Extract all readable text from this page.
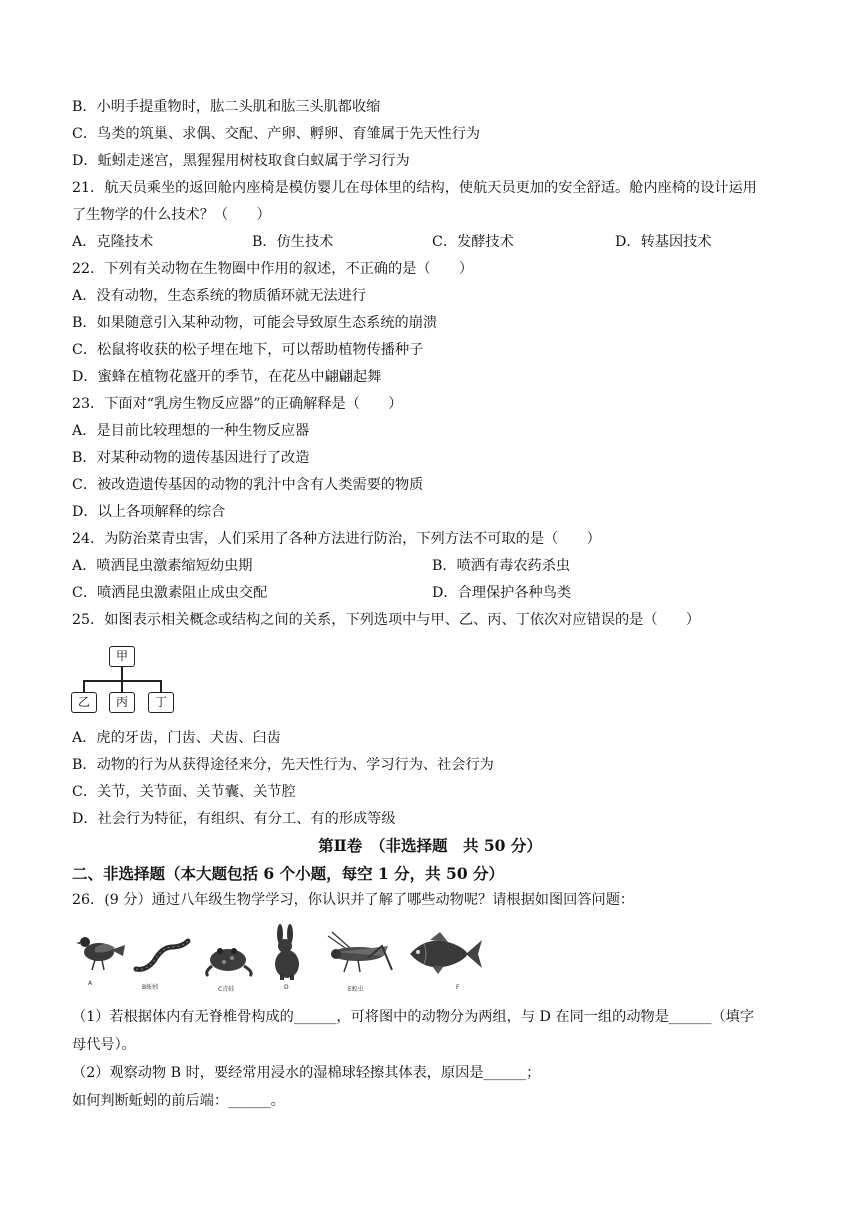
B．小明手提重物时，肱二头肌和肱三头肌都收缩
C．鸟类的筑巢、求偶、交配、产卵、孵卵、育雏属于先天性行为
D．蚯蚓走迷宫，黑猩猩用树枝取食白蚁属于学习行为
21．航天员乘坐的返回舱内座椅是模仿婴儿在母体里的结构，使航天员更加的安全舒适。舱内座椅的设计运用
了生物学的什么技术？（　　）
A．克隆技术	B．仿生技术	C．发酵技术	D．转基因技术
22．下列有关动物在生物圈中作用的叙述，不正确的是（　　）
A．没有动物，生态系统的物质循环就无法进行
B．如果随意引入某种动物，可能会导致原生态系统的崩溃
C．松鼠将收获的松子埋在地下，可以帮助植物传播种子
D．蜜蜂在植物花盛开的季节，在花丛中翩翩起舞
23．下面对“乳房生物反应器”的正确解释是（　　）
A．是目前比较理想的一种生物反应器
B．对某种动物的遗传基因进行了改造
C．被改造遗传基因的动物的乳汁中含有人类需要的物质
D．以上各项解释的综合
24．为防治菜青虫害，人们采用了各种方法进行防治，下列方法不可取的是（　　）
A．喷洒昆虫激素缩短幼虫期	B．喷洒有毒农药杀虫
C．喷洒昆虫激素阻止成虫交配	D．合理保护各种鸟类
25．如图表示相关概念或结构之间的关系，下列选项中与甲、乙、丙、丁依次对应错误的是（　　）
甲
乙	丙	丁
A．虎的牙齿，门齿、犬齿、臼齿
B．动物的行为从获得途径来分，先天性行为、学习行为、社会行为
C．关节，关节面、关节囊、关节腔
D．社会行为特征，有组织、有分工、有的形成等级
第Ⅱ卷　（非选择题　共 50 分）
二、非选择题（本大题包括 6 个小题，每空 1 分，共 50 分）
26．(9 分）通过八年级生物学学习，你认识并了解了哪些动物呢？请根据如图回答问题：
A
B蚯蚓	C青蛙	D	E蝗虫	F
（1）若根据体内有无脊椎骨构成的______，可将图中的动物分为两组，与 D 在同一组的动物是______（填字
母代号）。
（2）观察动物 B 时，要经常用浸水的湿棉球轻擦其体表，原因是______；
如何判断蚯蚓的前后端：______。
